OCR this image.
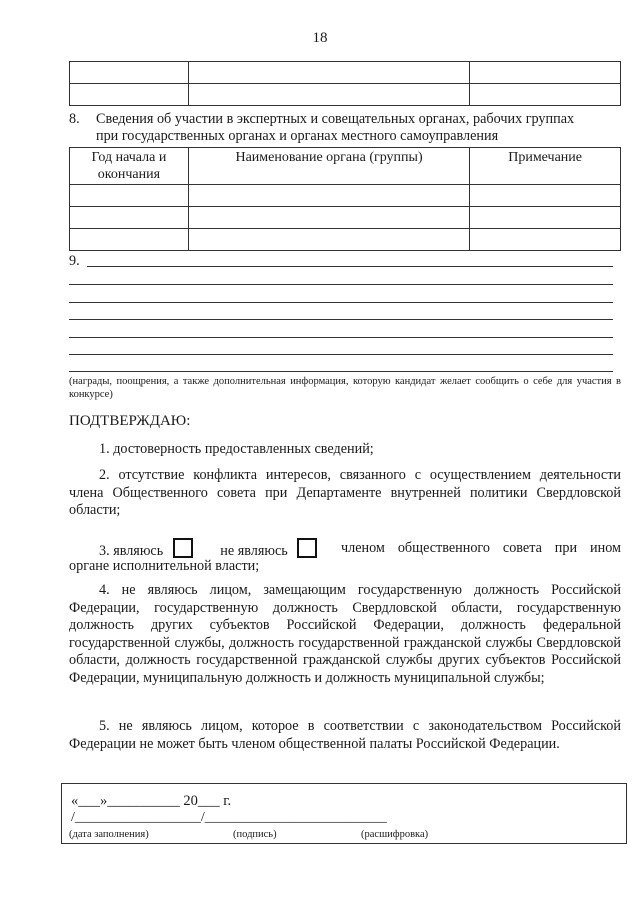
18

8. Сведения об участии в экспертных и совещательных органах, рабочих группах
при государственных органах и органах местного самоуправления
Год начала и окончания	Наименование органа (группы)	Примечание

9.
(награды, поощрения, а также дополнительная информация, которую кандидат желает сообщить о себе для участия в конкурсе)
ПОДТВЕРЖДАЮ:
1. достоверность предоставленных сведений;
2. отсутствие конфликта интересов, связанного с осуществлением деятельности члена Общественного совета при Департаменте внутренней политики Свердловской области;
3. являюсь	не являюсь	членом общественного совета при ином органе исполнительной власти;
4. не являюсь лицом, замещающим государственную должность Российской Федерации, государственную должность Свердловской области, государственную должность других субъектов Российской Федерации, должность федеральной государственной службы, должность государственной гражданской службы Свердловской области, должность государственной гражданской службы других субъектов Российской Федерации, муниципальную должность и должность муниципальной службы;
5. не являюсь лицом, которое в соответствии с законодательством Российской Федерации не может быть членом общественной палаты Российской Федерации.
«___»__________ 20___ г.
/__________________/__________________________
(дата заполнения)	(подпись)	(расшифровка)
